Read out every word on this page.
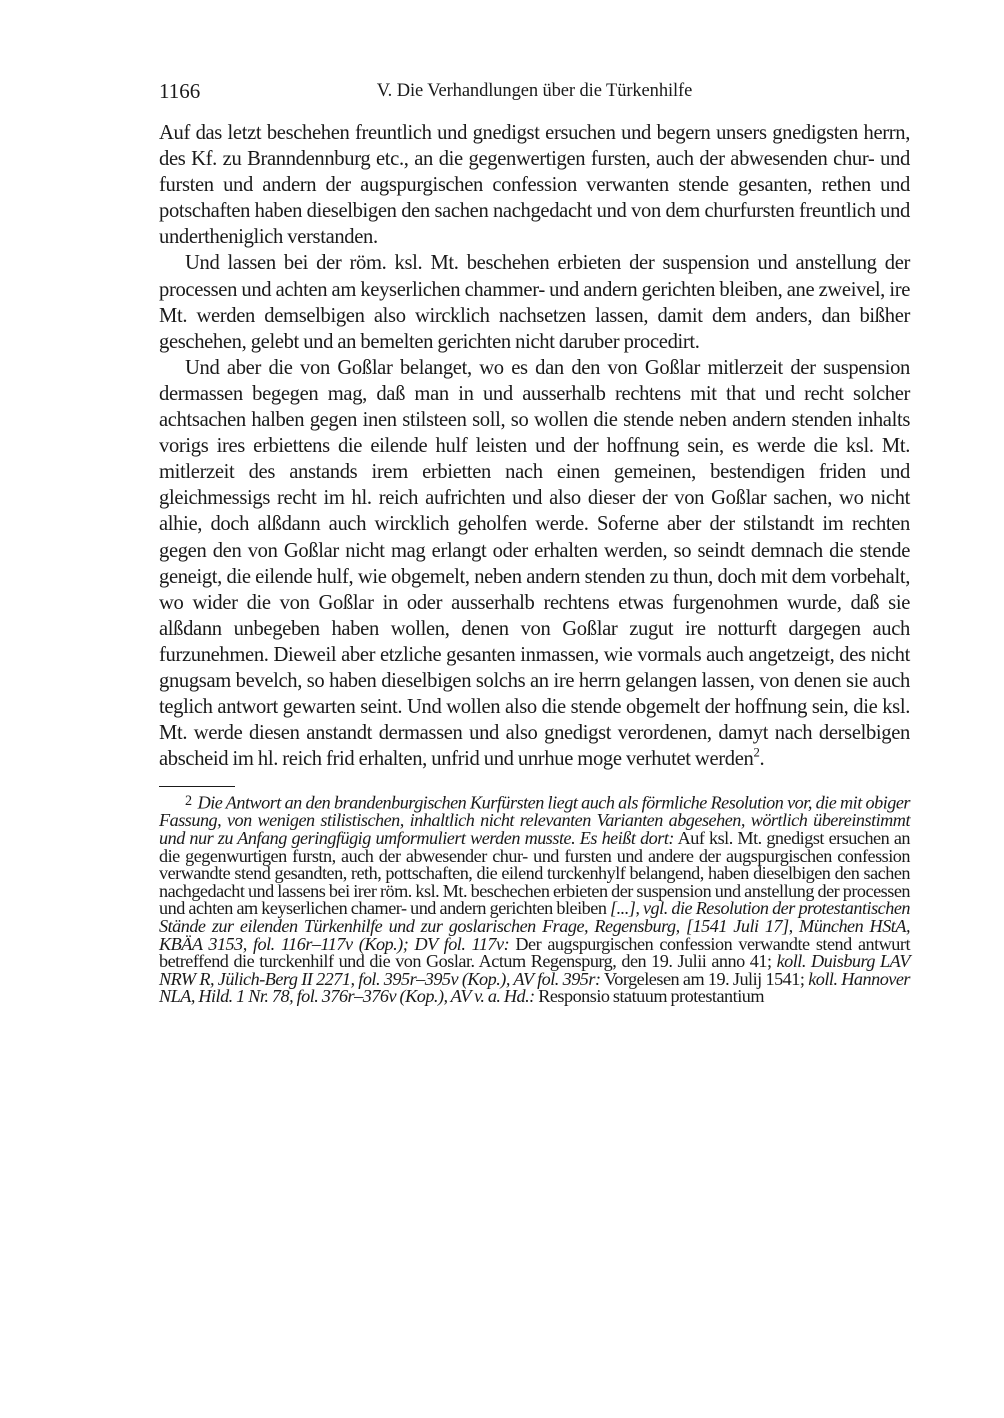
1166	V. Die Verhandlungen über die Türkenhilfe

Auf das letzt beschehen freuntlich und gnedigst ersuchen und begern unsers gnedigsten herrn, des Kf. zu Branndennburg etc., an die gegenwertigen fursten, auch der abwesenden chur- und fursten und andern der augspurgischen confession verwanten stende gesanten, rethen und potschaften haben dieselbigen den sachen nachgedacht und von dem churfursten freuntlich und undertheniglich verstanden.

Und lassen bei der röm. ksl. Mt. beschehen erbieten der suspension und anstellung der processen und achten am keyserlichen chammer- und andern gerichten bleiben, ane zweivel, ire Mt. werden demselbigen also wircklich nachsetzen lassen, damit dem anders, dan bißher geschehen, gelebt und an bemelten gerichten nicht daruber procedirt.

Und aber die von Goßlar belanget, wo es dan den von Goßlar mitlerzeit der suspension dermassen begegen mag, daß man in und ausserhalb rechtens mit that und recht solcher achtsachen halben gegen inen stilsteen soll, so wollen die stende neben andern stenden inhalts vorigs ires erbiettens die eilende hulf leisten und der hoffnung sein, es werde die ksl. Mt. mitlerzeit des anstands irem erbietten nach einen gemeinen, bestendigen friden und gleichmessigs recht im hl. reich aufrichten und also dieser der von Goßlar sachen, wo nicht alhie, doch alßdann auch wircklich geholfen werde. Soferne aber der stilstandt im rechten gegen den von Goßlar nicht mag erlangt oder erhalten werden, so seindt demnach die stende geneigt, die eilende hulf, wie obgemelt, neben andern stenden zu thun, doch mit dem vorbehalt, wo wider die von Goßlar in oder ausserhalb rechtens etwas furgenohmen wurde, daß sie alßdann unbegeben haben wollen, denen von Goßlar zugut ire notturft dargegen auch furzunehmen. Dieweil aber etzliche gesanten inmassen, wie vormals auch angetzeigt, des nicht gnugsam bevelch, so haben dieselbigen solchs an ire herrn gelangen lassen, von denen sie auch teglich antwort gewarten seint. Und wollen also die stende obgemelt der hoffnung sein, die ksl. Mt. werde diesen anstandt dermassen und also gnedigst verordenen, damyt nach derselbigen abscheid im hl. reich frid erhalten, unfrid und unrhue moge verhutet werden$^2$.

2 Die Antwort an den brandenburgischen Kurfürsten liegt auch als förmliche Resolution vor, die mit obiger Fassung, von wenigen stilistischen, inhaltlich nicht relevanten Varianten abgesehen, wörtlich übereinstimmt und nur zu Anfang geringfügig umformuliert werden musste. Es heißt dort: Auf ksl. Mt. gnedigst ersuchen an die gegenwurtigen furstn, auch der abwesender chur- und fursten und andere der augspurgischen confession verwandte stend gesandten, reth, pottschaften, die eilend turckenhylf belangend, haben dieselbigen den sachen nachgedacht und lassens bei irer röm. ksl. Mt. beschechen erbieten der suspension und anstellung der processen und achten am keyserlichen chamer- und andern gerichten bleiben [...], vgl. die Resolution der protestantischen Stände zur eilenden Türkenhilfe und zur goslarischen Frage, Regensburg, [1541 Juli 17], München HStA, KBÄA 3153, fol. 116r–117v (Kop.); DV fol. 117v: Der augspurgischen confession verwandte stend antwurt betreffend die turckenhilf und die von Goslar. Actum Regenspurg, den 19. Julii anno 41; koll. Duisburg LAV NRW R, Jülich-Berg II 2271, fol. 395r–395v (Kop.), AV fol. 395r: Vorgelesen am 19. Julij 1541; koll. Hannover NLA, Hild. 1 Nr. 78, fol. 376r–376v (Kop.), AV v. a. Hd.: Responsio statuum protestantium
